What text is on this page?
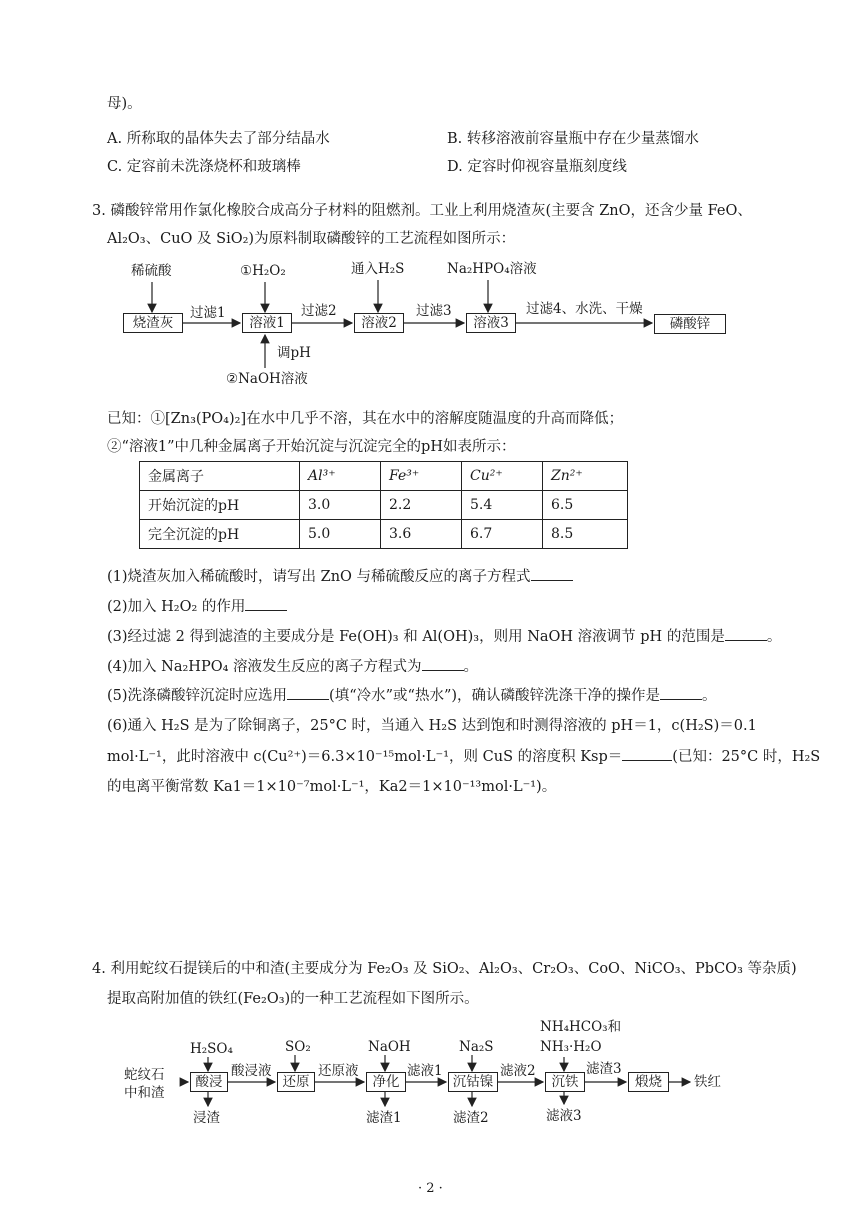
母)。
A. 所称取的晶体失去了部分结晶水	B. 转移溶液前容量瓶中存在少量蒸馏水
C. 定容前未洗涤烧杯和玻璃棒	D. 定容时仰视容量瓶刻度线
3. 磷酸锌常用作氯化橡胶合成高分子材料的阻燃剂。工业上利用烧渣灰(主要含 ZnO，还含少量 FeO、
Al₂O₃、CuO 及 SiO₂)为原料制取磷酸锌的工艺流程如图所示：
稀硫酸	①H₂O₂	通入H₂S	Na₂HPO₄溶液
烧渣灰	溶液1	溶液2	溶液3	磷酸锌
过滤1	过滤2	过滤3	过滤4、水洗、干燥
调pH
②NaOH溶液
已知：①[Zn₃(PO₄)₂]在水中几乎不溶，其在水中的溶解度随温度的升高而降低；
②“溶液1”中几种金属离子开始沉淀与沉淀完全的pH如表所示：
金属离子	Al³⁺	Fe³⁺	Cu²⁺	Zn²⁺
开始沉淀的pH	3.0	2.2	5.4	6.5
完全沉淀的pH	5.0	3.6	6.7	8.5
(1)烧渣灰加入稀硫酸时，请写出 ZnO 与稀硫酸反应的离子方程式
(2)加入 H₂O₂ 的作用
(3)经过滤 2 得到滤渣的主要成分是 Fe(OH)₃ 和 Al(OH)₃，则用 NaOH 溶液调节 pH 的范围是	。
(4)加入 Na₂HPO₄ 溶液发生反应的离子方程式为	。
(5)洗涤磷酸锌沉淀时应选用	(填“冷水”或“热水”)，确认磷酸锌洗涤干净的操作是	。
(6)通入 H₂S 是为了除铜离子，25°C 时，当通入 H₂S 达到饱和时测得溶液的 pH＝1，c(H₂S)＝0.1
mol·L⁻¹，此时溶液中 c(Cu²⁺)＝6.3×10⁻¹⁵mol·L⁻¹，则 CuS 的溶度积 Ksp＝	(已知：25°C 时，H₂S
的电离平衡常数 Ka1＝1×10⁻⁷mol·L⁻¹，Ka2＝1×10⁻¹³mol·L⁻¹)。
4. 利用蛇纹石提镁后的中和渣(主要成分为 Fe₂O₃ 及 SiO₂、Al₂O₃、Cr₂O₃、CoO、NiCO₃、PbCO₃ 等杂质)
提取高附加值的铁红(Fe₂O₃)的一种工艺流程如下图所示。
蛇纹石
中和渣
H₂SO₄	SO₂	NaOH	Na₂S
NH₄HCO₃和
NH₃·H₂O
酸浸	还原	净化	沉钴镍	沉铁	煅烧
酸浸液	还原液	滤液1	滤液2	滤渣3
铁红
浸渣	滤渣1	滤渣2	滤液3
· 2 ·
